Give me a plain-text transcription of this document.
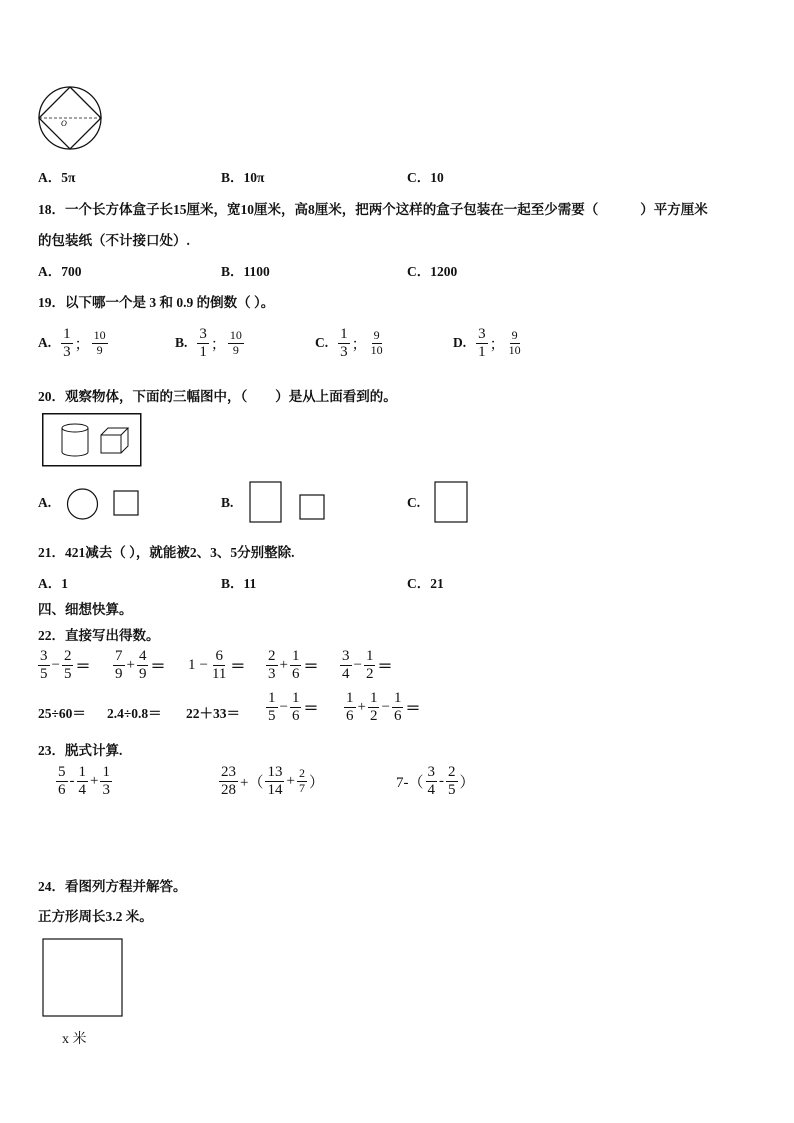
O
A．5π	B．10π	C．10
18．一个长方体盒子长15厘米，宽10厘米，高8厘米，把两个这样的盒子包装在一起至少需要（	）平方厘米
的包装纸（不计接口处）.
A．700	B．1100	C．1200
19．以下哪一个是 3 和 0.9 的倒数（ ）。
A. $\frac{1}{3}$ ； $\frac{10}{9}$	B. $\frac{3}{1}$ ； $\frac{10}{9}$	C. $\frac{1}{3}$ ； $\frac{9}{10}$	D. $\frac{3}{1}$ ； $\frac{9}{10}$
20．观察物体，下面的三幅图中，（ ）是从上面看到的。
A.	B.	C.
21．421减去（ ），就能被2、3、5分别整除.
A．1	B．11	C．21
四、细想快算。
22．直接写出得数。
$\frac{3}{5} - \frac{2}{5} = \frac{7}{9} + \frac{4}{9} = 1 - \frac{6}{11} = \frac{2}{3} + \frac{1}{6} = \frac{3}{4} - \frac{1}{2}$ ＝
$25\div 60= 2.4\div 0.8= 22+33= \frac{1}{5} - \frac{1}{6} = \frac{1}{6} + \frac{1}{2} - \frac{1}{6}$ ＝
23．脱式计算.
$\frac{5}{6} - \frac{1}{4} + \frac{1}{3}$	$\frac{23}{28}$ +（ $\frac{13}{14} + \frac{2}{7}$ ）	$7-( \frac{3}{4} - \frac{2}{5}$ ）
24．看图列方程并解答。
正方形周长3.2 米。
x 米
